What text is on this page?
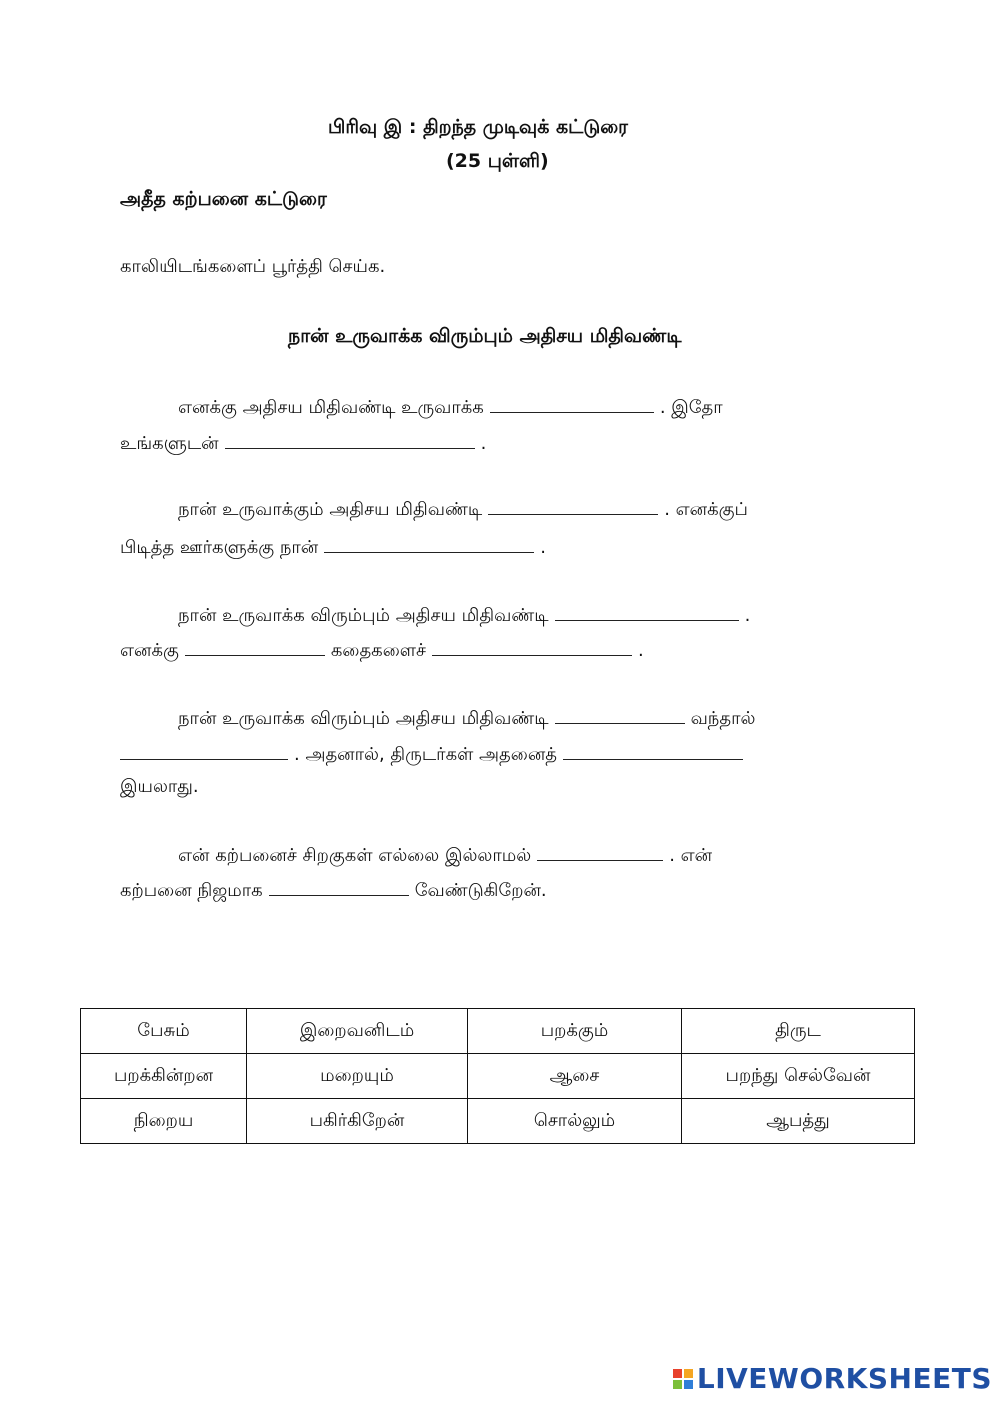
பிரிவு இ : திறந்த முடிவுக் கட்டுரை
(25 புள்ளி)
அதீத கற்பனை கட்டுரை
காலியிடங்களைப் பூர்த்தி செய்க.
நான் உருவாக்க விரும்பும் அதிசய மிதிவண்டி
எனக்கு அதிசய மிதிவண்டி உருவாக்க	. இதோ
உங்களுடன்	.
நான் உருவாக்கும் அதிசய மிதிவண்டி	. எனக்குப்
பிடித்த ஊர்களுக்கு நான்	.
நான் உருவாக்க விரும்பும் அதிசய மிதிவண்டி	.
எனக்கு	கதைகளைச்	.
நான் உருவாக்க விரும்பும் அதிசய மிதிவண்டி	வந்தால்
. அதனால், திருடர்கள் அதனைத்
இயலாது.
என் கற்பனைச் சிறகுகள் எல்லை இல்லாமல்	. என்
கற்பனை நிஜமாக	வேண்டுகிறேன்.
பேசும்	இறைவனிடம்	பறக்கும்	திருட
பறக்கின்றன	மறையும்	ஆசை	பறந்து செல்வேன்
நிறைய	பகிர்கிறேன்	சொல்லும்	ஆபத்து
LIVEWORKSHEETS
